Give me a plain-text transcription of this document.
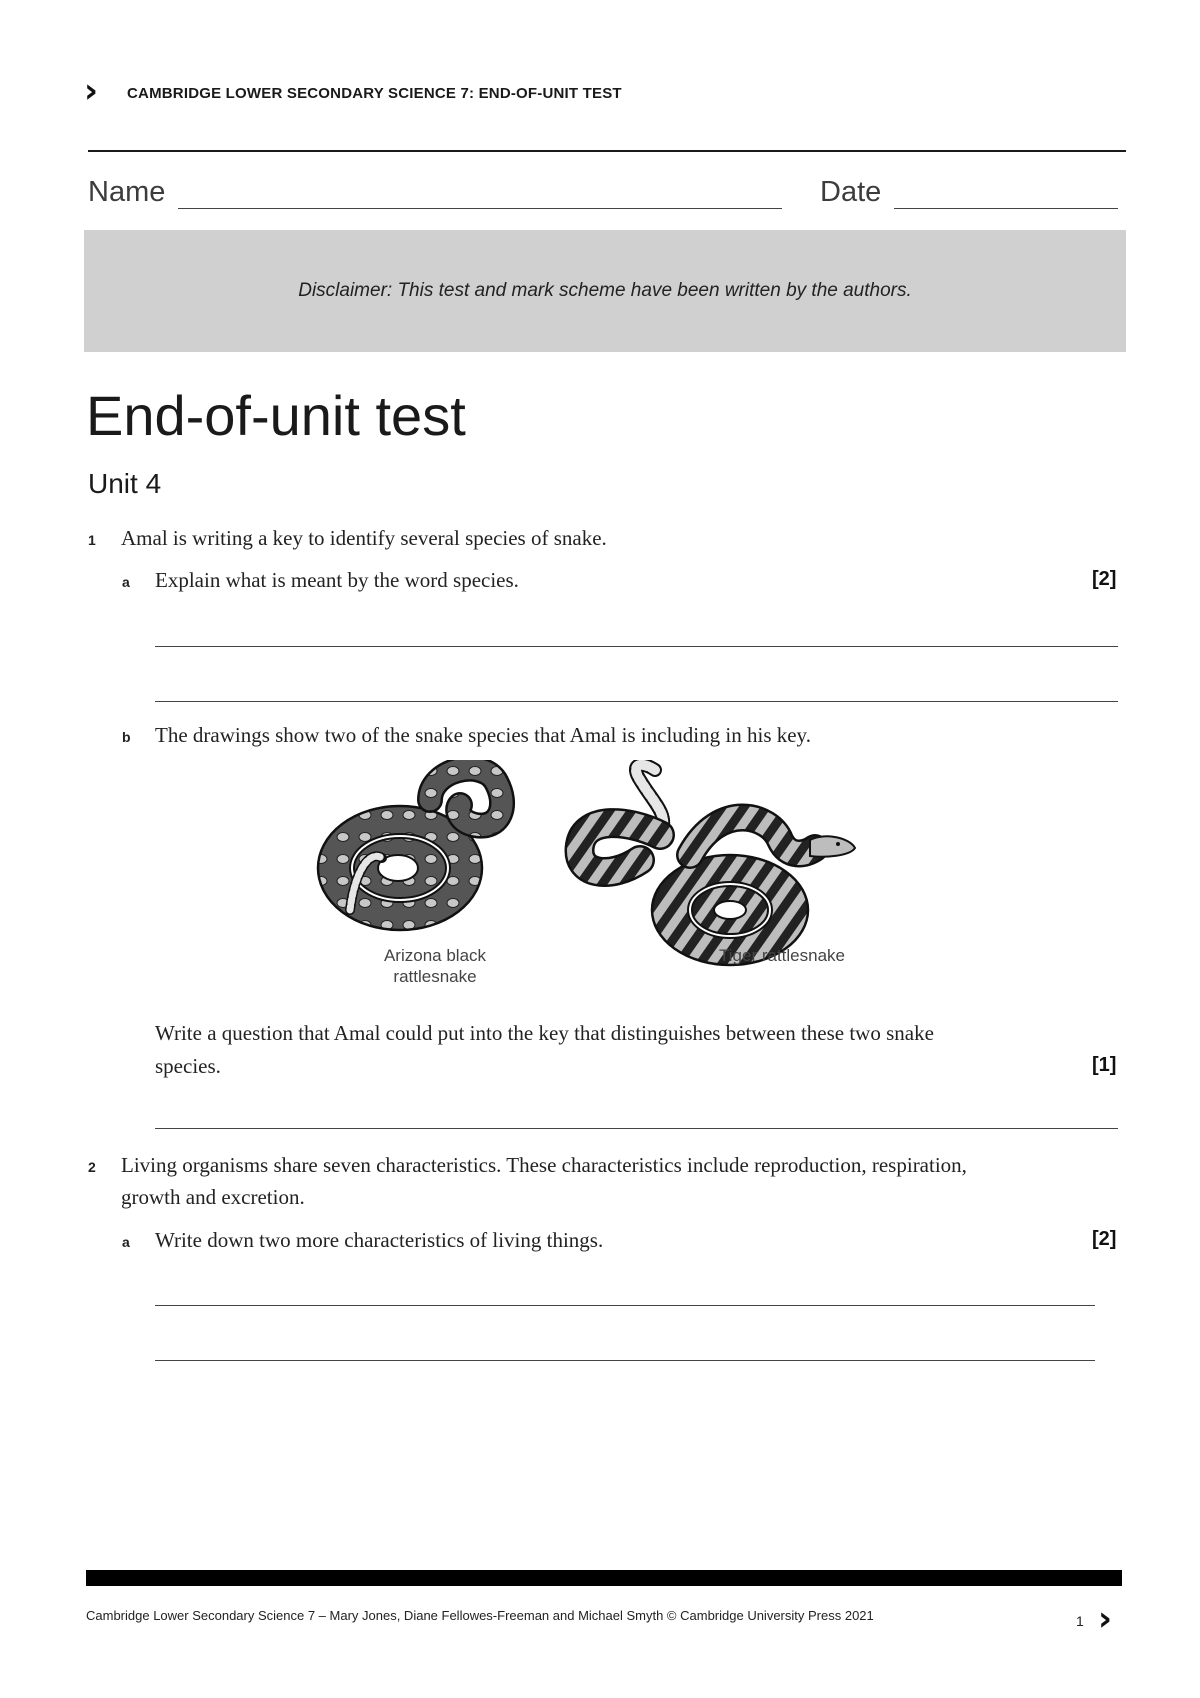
› CAMBRIDGE LOWER SECONDARY SCIENCE 7: END-OF-UNIT TEST
Name	Date
Disclaimer: This test and mark scheme have been written by the authors.
End-of-unit test
Unit 4
1 Amal is writing a key to identify several species of snake.
a Explain what is meant by the word species.	[2]
b The drawings show two of the snake species that Amal is including in his key.
Arizona black
rattlesnake
Tiger rattlesnake
Write a question that Amal could put into the key that distinguishes between these two snake
species.	[1]
2 Living organisms share seven characteristics. These characteristics include reproduction, respiration,
growth and excretion.
a Write down two more characteristics of living things.	[2]
Cambridge Lower Secondary Science 7 – Mary Jones, Diane Fellowes-Freeman and Michael Smyth © Cambridge University Press 2021	1 ›
